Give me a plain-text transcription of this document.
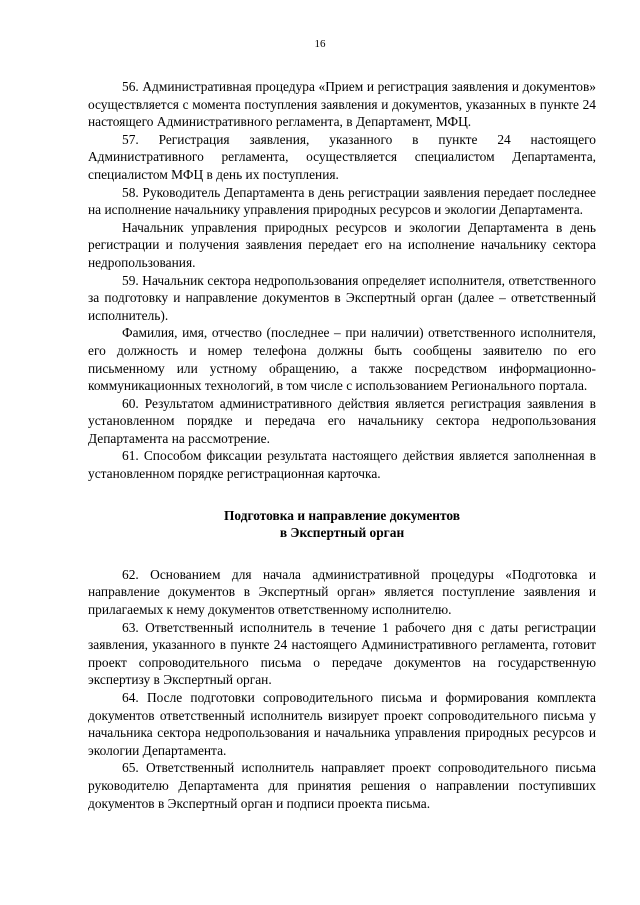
16

56. Административная процедура «Прием и регистрация заявления и документов» осуществляется с момента поступления заявления и документов, указанных в пункте 24 настоящего Административного регламента, в Департамент, МФЦ.

57. Регистрация заявления, указанного в пункте 24 настоящего Административного регламента, осуществляется специалистом Департамента, специалистом МФЦ в день их поступления.

58. Руководитель Департамента в день регистрации заявления передает последнее на исполнение начальнику управления природных ресурсов и экологии Департамента.

Начальник управления природных ресурсов и экологии Департамента в день регистрации и получения заявления передает его на исполнение начальнику сектора недропользования.

59. Начальник сектора недропользования определяет исполнителя, ответственного за подготовку и направление документов в Экспертный орган (далее – ответственный исполнитель).

Фамилия, имя, отчество (последнее – при наличии) ответственного исполнителя, его должность и номер телефона должны быть сообщены заявителю по его письменному или устному обращению, а также посредством информационно-коммуникационных технологий, в том числе с использованием Регионального портала.

60. Результатом административного действия является регистрация заявления в установленном порядке и передача его начальнику сектора недропользования Департамента на рассмотрение.

61. Способом фиксации результата настоящего действия является заполненная в установленном порядке регистрационная карточка.

Подготовка и направление документов
в Экспертный орган

62. Основанием для начала административной процедуры «Подготовка и направление документов в Экспертный орган» является поступление заявления и прилагаемых к нему документов ответственному исполнителю.

63. Ответственный исполнитель в течение 1 рабочего дня с даты регистрации заявления, указанного в пункте 24 настоящего Административного регламента, готовит проект сопроводительного письма о передаче документов на государственную экспертизу в Экспертный орган.

64. После подготовки сопроводительного письма и формирования комплекта документов ответственный исполнитель визирует проект сопроводительного письма у начальника сектора недропользования и начальника управления природных ресурсов и экологии Департамента.

65. Ответственный исполнитель направляет проект сопроводительного письма руководителю Департамента для принятия решения о направлении поступивших документов в Экспертный орган и подписи проекта письма.
